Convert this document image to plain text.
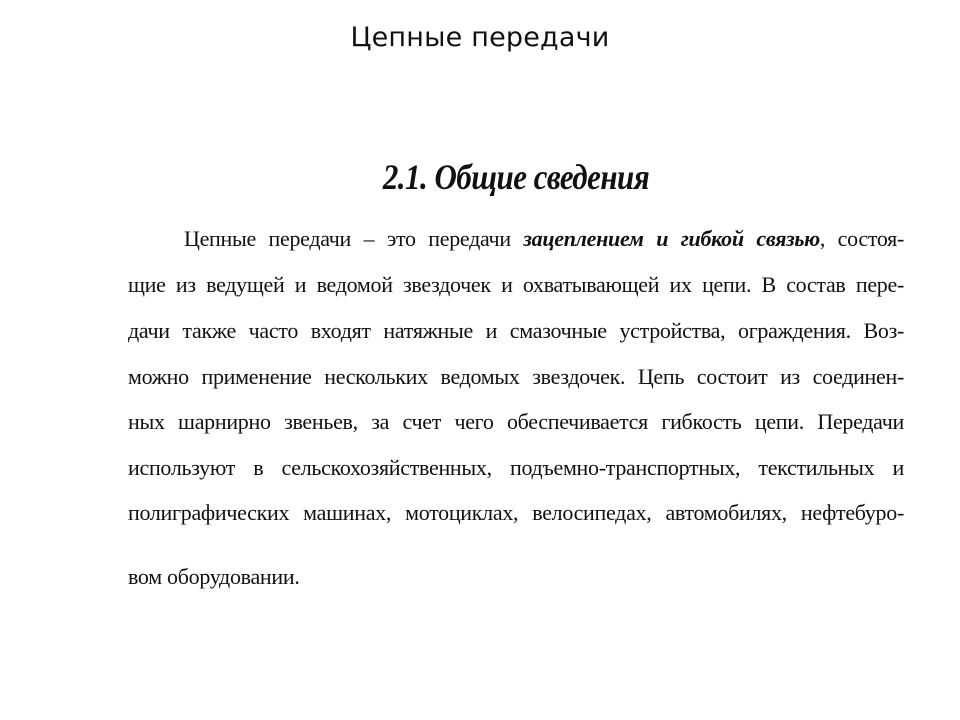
Цепные передачи
2.1. Общие сведения
Цепные передачи – это передачи зацеплением и гибкой связью, состоя-
щие из ведущей и ведомой звездочек и охватывающей их цепи. В состав пере-
дачи также часто входят натяжные и смазочные устройства, ограждения. Воз-
можно применение нескольких ведомых звездочек. Цепь состоит из соединен-
ных шарнирно звеньев, за счет чего обеспечивается гибкость цепи. Передачи
используют в сельскохозяйственных, подъемно-транспортных, текстильных и
полиграфических машинах, мотоциклах, велосипедах, автомобилях, нефтебуро-
вом оборудовании.
